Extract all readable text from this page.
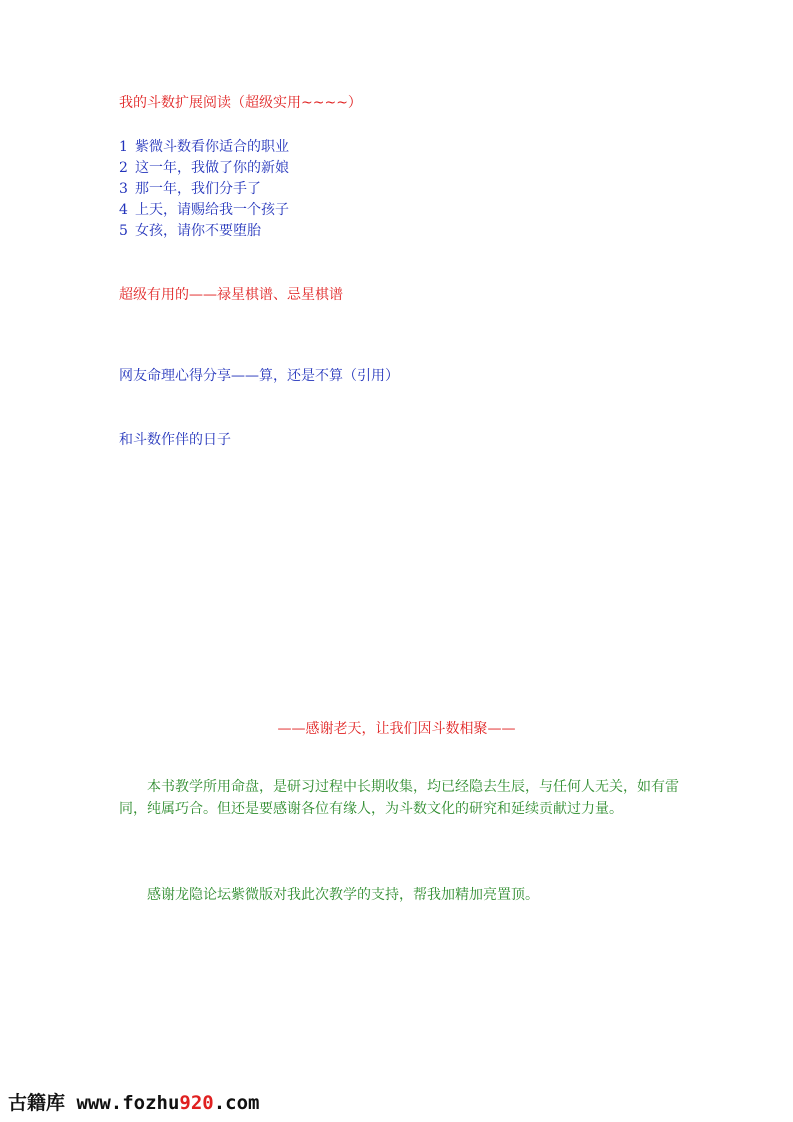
我的斗数扩展阅读（超级实用~~~~）

1 紫微斗数看你适合的职业
2 这一年，我做了你的新娘
3 那一年，我们分手了
4 上天，请赐给我一个孩子
5 女孩，请你不要堕胎

超级有用的——禄星棋谱、忌星棋谱

网友命理心得分享——算，还是不算（引用）

和斗数作伴的日子

——感谢老天，让我们因斗数相聚——

本书教学所用命盘，是研习过程中长期收集，均已经隐去生辰，与任何人无关，如有雷同，纯属巧合。但还是要感谢各位有缘人，为斗数文化的研究和延续贡献过力量。

感谢龙隐论坛紫微版对我此次教学的支持，帮我加精加亮置顶。

古籍库 www.fozhu920.com
